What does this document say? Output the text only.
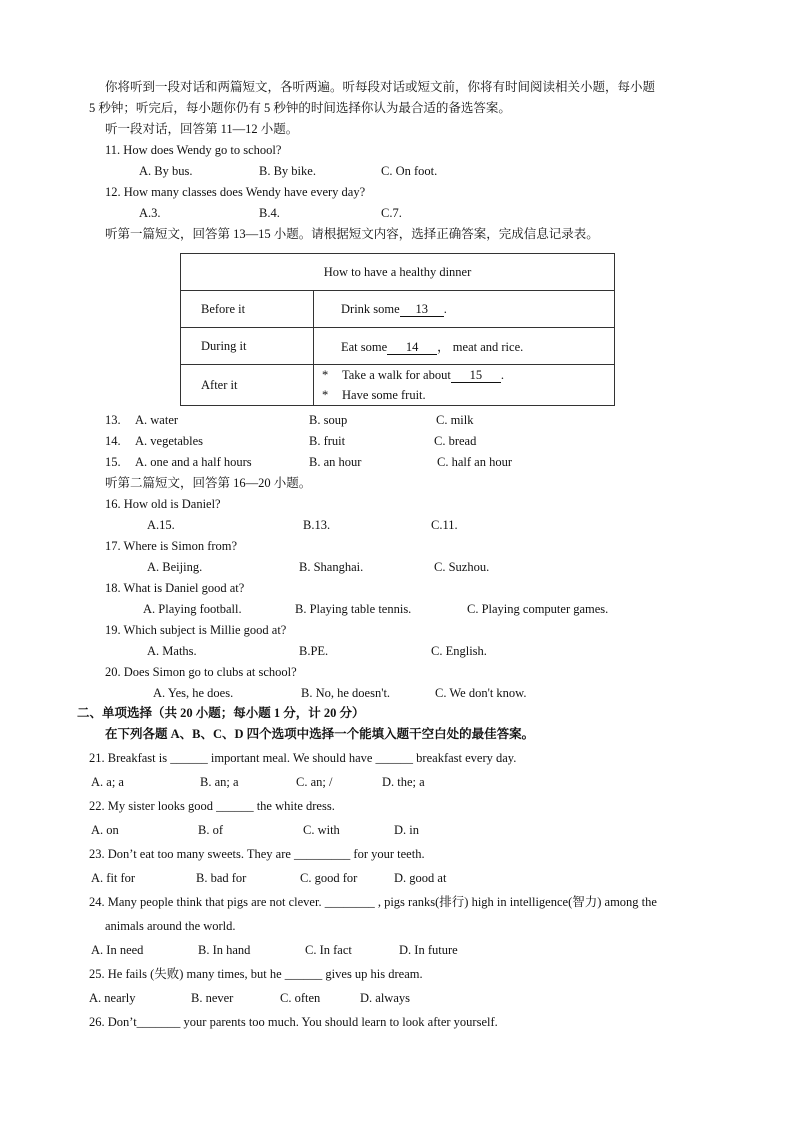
你将听到一段对话和两篇短文，各听两遍。听每段对话或短文前，你将有时间阅读相关小题，每小题
5 秒钟；听完后，每小题你仍有 5 秒钟的时间选择你认为最合适的备选答案。
听一段对话，回答第 11—12 小题。
11. How does Wendy go to school?
A. By bus.	B. By bike.	C. On foot.
12. How many classes does Wendy have every day?
A.3.	B.4.	C.7.
听第一篇短文，回答第 13—15 小题。请根据短文内容，选择正确答案，完成信息记录表。
How to have a healthy dinner	
Before it	Drink some 13 .
During it	Eat some 14 ， meat and rice.
After it	* Take a walk for about 15 .
* Have some fruit.
13. A. water	B. soup	C. milk
14. A. vegetables	B. fruit	C. bread
15. A. one and a half hours	B. an hour	C. half an hour
听第二篇短文，回答第 16—20 小题。
16. How old is Daniel?
A.15.	B.13.	C.11.
17. Where is Simon from?
A. Beijing.	B. Shanghai.	C. Suzhou.
18. What is Daniel good at?
A. Playing football.	B. Playing table tennis.	C. Playing computer games.
19. Which subject is Millie good at?
A. Maths.	B.PE.	C. English.
20. Does Simon go to clubs at school?
A. Yes, he does.	B. No, he doesn't.	C. We don't know.
二、单项选择（共 20 小题；每小题 1 分，计 20 分）
在下列各题 A、B、C、D 四个选项中选择一个能填入题干空白处的最佳答案。
21. Breakfast is ______ important meal. We should have ______ breakfast every day.
A. a; a	B. an; a	C. an; /	D. the; a
22. My sister looks good ______ the white dress.
A. on	B. of	C. with	D. in
23. Don’t eat too many sweets. They are _________ for your teeth.
A. fit for	B. bad for	C. good for	D. good at
24. Many people think that pigs are not clever. ________ , pigs ranks(排行) high in intelligence(智力) among the
animals around the world.
A. In need	B. In hand	C. In fact	D. In future
25. He fails (失败) many times, but he ______ gives up his dream.
A. nearly	B. never	C. often	D. always
26. Don’t_______ your parents too much. You should learn to look after yourself.
